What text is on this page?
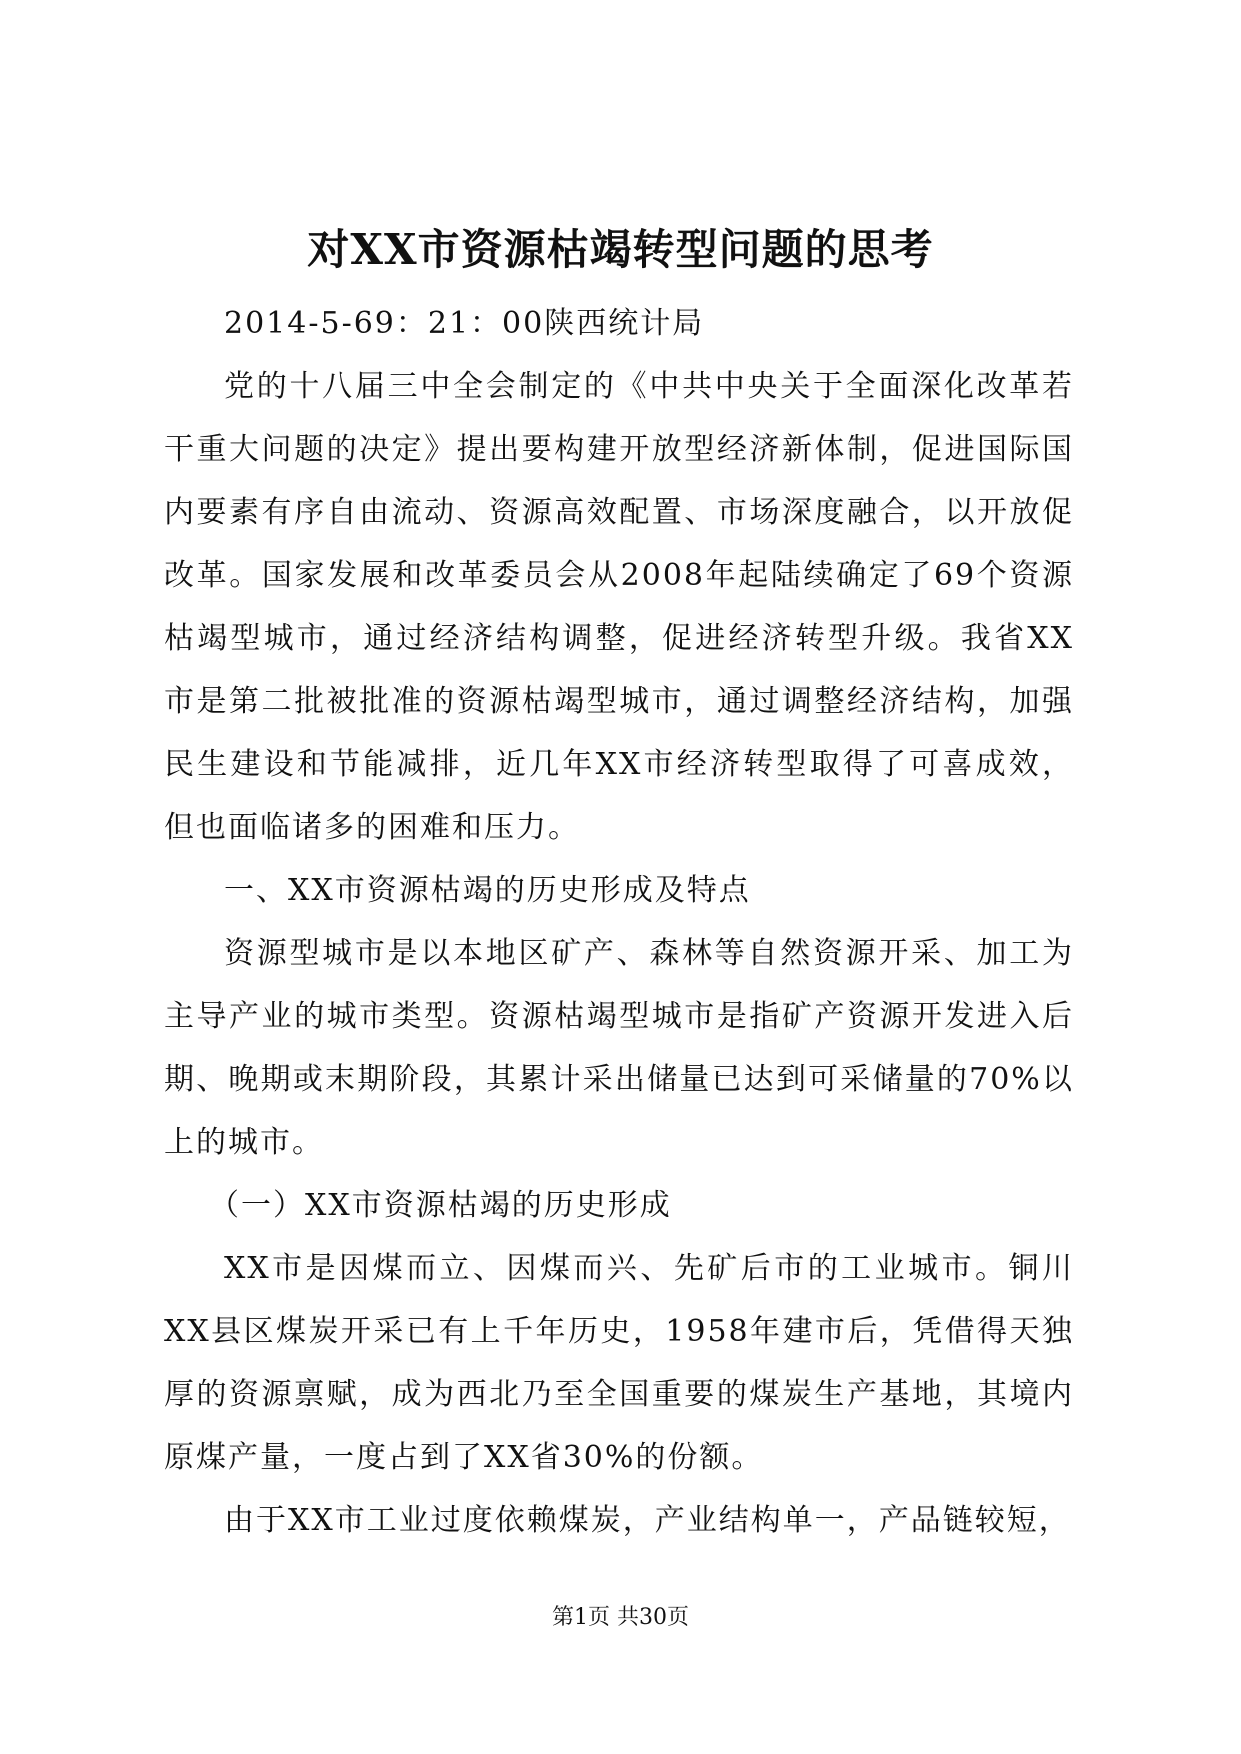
对XX市资源枯竭转型问题的思考

2014-5-69：21：00陕西统计局

党的十八届三中全会制定的《中共中央关于全面深化改革若干重大问题的决定》提出要构建开放型经济新体制，促进国际国内要素有序自由流动、资源高效配置、市场深度融合，以开放促改革。国家发展和改革委员会从2008年起陆续确定了69个资源枯竭型城市，通过经济结构调整，促进经济转型升级。我省XX市是第二批被批准的资源枯竭型城市，通过调整经济结构，加强民生建设和节能减排，近几年XX市经济转型取得了可喜成效，但也面临诸多的困难和压力。

一、XX市资源枯竭的历史形成及特点

资源型城市是以本地区矿产、森林等自然资源开采、加工为主导产业的城市类型。资源枯竭型城市是指矿产资源开发进入后期、晚期或末期阶段，其累计采出储量已达到可采储量的70%以上的城市。

（一）XX市资源枯竭的历史形成

XX市是因煤而立、因煤而兴、先矿后市的工业城市。铜川XX县区煤炭开采已有上千年历史，1958年建市后，凭借得天独厚的资源禀赋，成为西北乃至全国重要的煤炭生产基地，其境内原煤产量，一度占到了XX省30%的份额。

由于XX市工业过度依赖煤炭，产业结构单一，产品链较短，

第1页 共30页
